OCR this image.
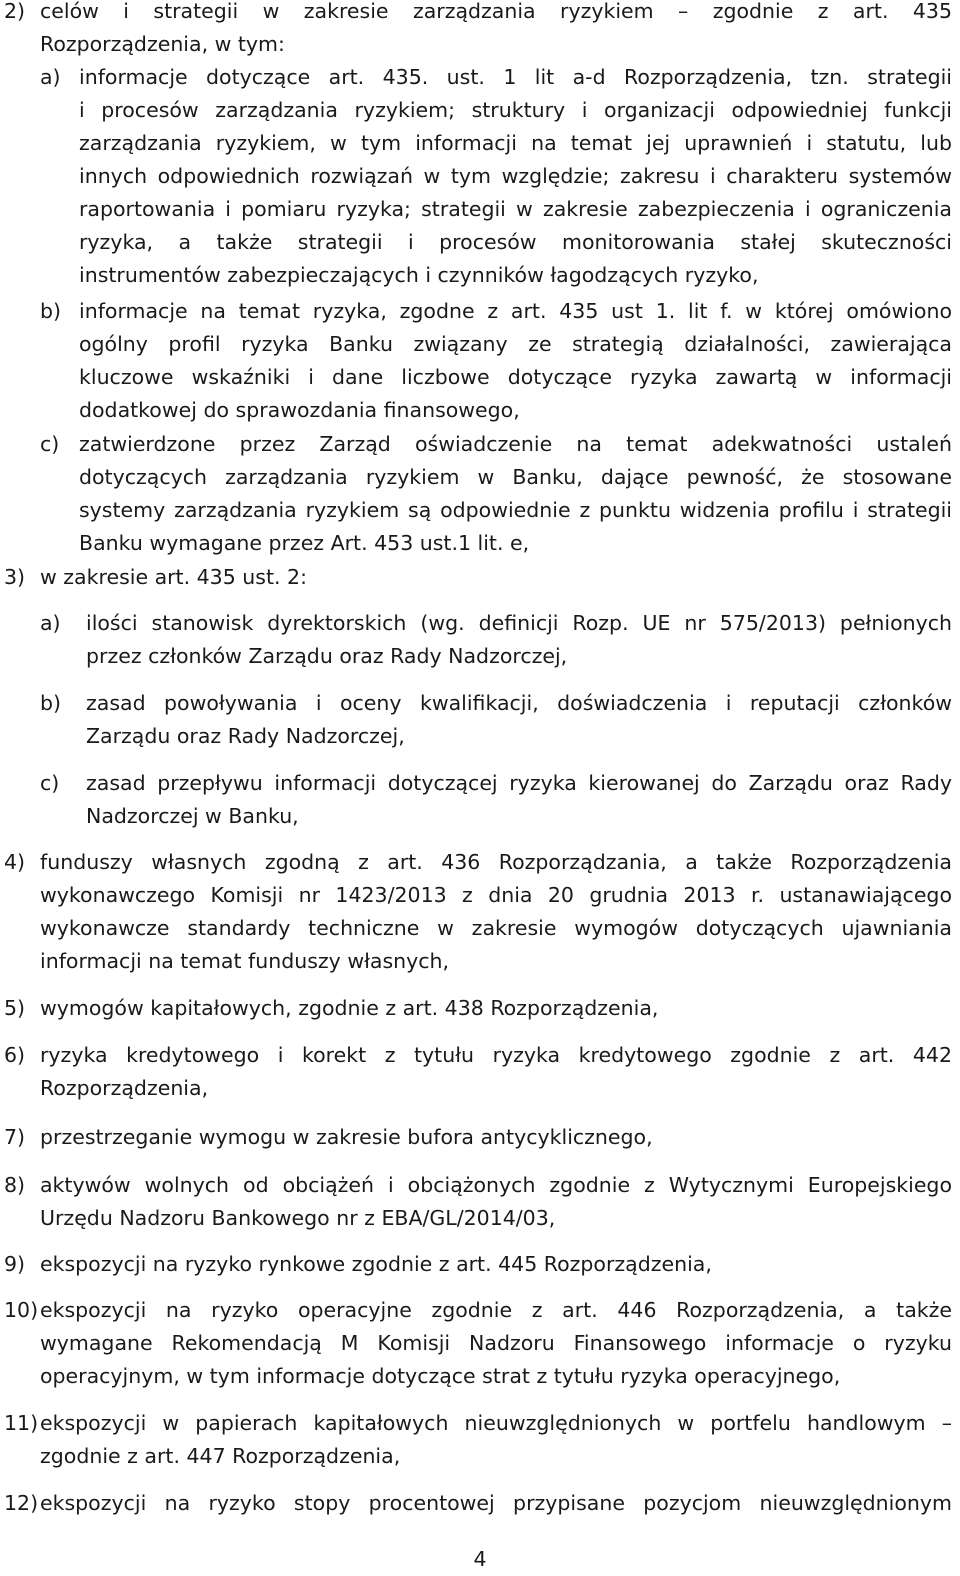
2) celów i strategii w zakresie zarządzania ryzykiem – zgodnie z art. 435
Rozporządzenia, w tym:
a) informacje dotyczące art. 435. ust. 1 lit a-d Rozporządzenia, tzn. strategii
i procesów zarządzania ryzykiem; struktury i organizacji odpowiedniej funkcji
zarządzania ryzykiem, w tym informacji na temat jej uprawnień i statutu, lub
innych odpowiednich rozwiązań w tym względzie; zakresu i charakteru systemów
raportowania i pomiaru ryzyka; strategii w zakresie zabezpieczenia i ograniczenia
ryzyka, a także strategii i procesów monitorowania stałej skuteczności
instrumentów zabezpieczających i czynników łagodzących ryzyko,
b) informacje na temat ryzyka, zgodne z art. 435 ust 1. lit f. w której omówiono
ogólny profil ryzyka Banku związany ze strategią działalności, zawierająca
kluczowe wskaźniki i dane liczbowe dotyczące ryzyka zawartą w informacji
dodatkowej do sprawozdania finansowego,
c) zatwierdzone przez Zarząd oświadczenie na temat adekwatności ustaleń
dotyczących zarządzania ryzykiem w Banku, dające pewność, że stosowane
systemy zarządzania ryzykiem są odpowiednie z punktu widzenia profilu i strategii
Banku wymagane przez Art. 453 ust.1 lit. e,
3) w zakresie art. 435 ust. 2:
a) ilości stanowisk dyrektorskich (wg. definicji Rozp. UE nr 575/2013) pełnionych
przez członków Zarządu oraz Rady Nadzorczej,
b) zasad powoływania i oceny kwalifikacji, doświadczenia i reputacji członków
Zarządu oraz Rady Nadzorczej,
c) zasad przepływu informacji dotyczącej ryzyka kierowanej do Zarządu oraz Rady
Nadzorczej w Banku,
4) funduszy własnych zgodną z art. 436 Rozporządzania, a także Rozporządzenia
wykonawczego Komisji nr 1423/2013 z dnia 20 grudnia 2013 r. ustanawiającego
wykonawcze standardy techniczne w zakresie wymogów dotyczących ujawniania
informacji na temat funduszy własnych,
5) wymogów kapitałowych, zgodnie z art. 438 Rozporządzenia,
6) ryzyka kredytowego i korekt z tytułu ryzyka kredytowego zgodnie z art. 442
Rozporządzenia,
7) przestrzeganie wymogu w zakresie bufora antycyklicznego,
8) aktywów wolnych od obciążeń i obciążonych zgodnie z Wytycznymi Europejskiego
Urzędu Nadzoru Bankowego nr z EBA/GL/2014/03,
9) ekspozycji na ryzyko rynkowe zgodnie z art. 445 Rozporządzenia,
10) ekspozycji na ryzyko operacyjne zgodnie z art. 446 Rozporządzenia, a także
wymagane Rekomendacją M Komisji Nadzoru Finansowego informacje o ryzyku
operacyjnym, w tym informacje dotyczące strat z tytułu ryzyka operacyjnego,
11) ekspozycji w papierach kapitałowych nieuwzględnionych w portfelu handlowym –
zgodnie z art. 447 Rozporządzenia,
12) ekspozycji na ryzyko stopy procentowej przypisane pozycjom nieuwzględnionym
4
